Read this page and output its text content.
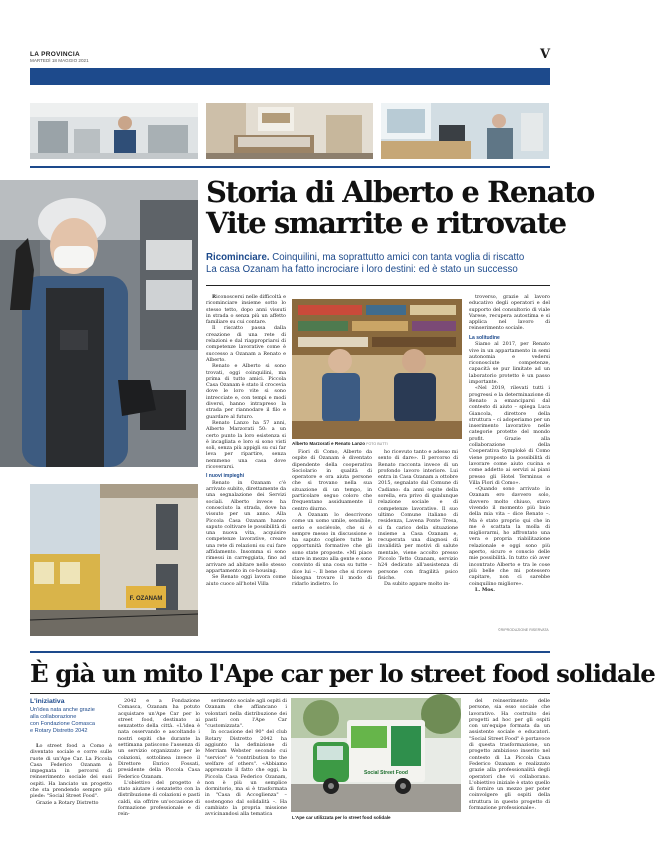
LA PROVINCIA
MARTEDÌ 18 MAGGIO 2021	V
Storia di Alberto e Renato
Vite smarrite e ritrovate
Ricominciare. Coinquilini, ma soprattutto amici con tanta voglia di riscatto
La casa Ozanam ha fatto incrociare i loro destini: ed è stato un successo

Riconoscersi nelle difficoltà e ricominciare insieme sotto lo stesso tetto, dopo anni vissuti in strada o senza più un affetto familiare su cui contare.

Il riscatto passa dalla creazione di una rete di relazioni e dal riappropriarsi di competenze lavorative come è successo a Ozanam a Renato e Alberto.

Renato e Alberto si sono trovati, oggi coinquilini, ma prima di tutto amici. Piccola Casa Ozanam è stato il crocevia dove le loro vite si sono intrecciate e, con tempi e modi diversi, hanno intrapreso la strada per riannodare il filo e guardare al futuro.

Renato Lanzo ha 57 anni, Alberto Marzorati 50: a un certo punto la loro esistenza si è incagliata e loro si sono visti soli, senza più appigli su cui far leva per ripartire, senza nemmeno una casa dove ricoverarsi.

I nuovi impieghi

Renato in Ozanam c'è arrivato subito, direttamente da una segnalazione dei Servizi sociali. Alberto invece ha conosciuto la strada, dove ha vissuto per un anno. Alla Piccola Casa Ozanam hanno saputo coltivare le possibilità di una nuova vita, acquisire competenze lavorative, creare una rete di relazioni su cui fare affidamento. Insomma si sono rimessi in carreggiata, fino ad arrivare ad abitare nello stesso appartamento in co-housing.

Se Renato oggi lavora come aiuto cuoco all'hotel Villa

Alberto Marzorati e Renato Lanzo FOTO BUTTI

Fiori di Como, Alberto da ospite di Ozanam è diventato dipendente della cooperativa Sociolario in qualità di operatore e ora aiuta persone che si trovano nella sua situazione di un tempo, in particolare seguo coloro che frequentano assiduamente il centro diurno.

A Ozanam lo descrivono come un uomo umile, sensibile, serio e sociévole, che si è sempre messo in discussione e ha saputo cogliere tutte le opportunità formative che gli sono state proposte. «Mi piace stare in mezzo alla gente e sono convinto di una cosa su tutte – dice lui –. Il bene che si riceve bisogna trovare il modo di ridarlo indietro. Io

ho ricevuto tanto e adesso mi sento di dare». Il percorso di Renato racconta invece di un profondo lavoro interiore. Lui entra in Casa Ozanam a ottobre 2015, segnalato dal Comune di Cadiano: da anni ospite della sorella, era privo di qualunque relazione sociale e di competenze lavorative. Il suo ultimo Comune italiano di residenza, Lavena Ponte Tresa, si fa carico della situazione insieme a Casa Ozanam e, recuperata una diagnosi di invalidità per motivi di salute mentale, viene accolto presso Piccolo Tetto Ozanam, servizio h24 dedicato all'assistenza di persone con fragilità psico fisiche.

Da subito appare molto in-

troverso, grazie al lavoro educativo degli operatori e del supporto del consultorio di viale Varese, recupera autostima e si applica nel lavoro di reinserimento sociale.

La solitudine

Siamo al 2017, per Renato vive in un appartamento in semi autonomia e vedersi riconosciute competenze, capacità se pur limitate ad un laboratorio protetto è un passo importante.

«Nel 2019, rilevati tutti i progressi e la determinazione di Renato a emanciparsi dal contesto di aiuto – spiega Luca Giancola, direttore della struttura – ci adoperiamo per un inserimento lavorativo nelle categorie protette del mondo profit. Grazie alla collaborazione della Cooperativa Symploké di Como viene proposto la possibilità di lavorare come aiuto cucina e come addetto ai servizi ai piani presso gli Hotel Terminus e Villa Flori di Como».

«Quando sono arrivato in Ozanam ero davvero solo, davvero molto chiuso, stavo vivendo il momento più buio della mia vita – dice Renato –. Ma è stato proprio qui che in me è scattata la molla di migliorarmi, ho affrontato una vera e propria riabilitazione relazionale e oggi sono più aperto, sicuro e conscio delle mie possibilità. In tutto ciò aver incontrato Alberto e tra le cose più belle che mi potessero capitare, non ci sarebbe coinquilino migliore».

L. Mos.

©RIPRODUZIONE RISERVATA
F. OZANAM
È già un mito l'Ape car per lo street food solidale
L'iniziativa
Un'idea nata anche grazie
alla collaborazione
con Fondazione Comasca
e Rotary Distretto 2042

Lo street food a Como è diventato sociale e corre sulle ruote di un'Ape Car. La Piccola Casa Federico Ozanam è impegnata in percorsi di reinserimento sociale dei suoi ospiti. Ha lanciato un progetto che sta prendendo sempre più piede: "Social Street Food".

Grazie a Rotary Distretto

2042 e a Fondazione Comasca, Ozanam ha potuto acquistare un'Ape Car per lo street food, destinato ai senzatetto della città. «L'idea è nata osservando e ascoltando i nostri ospiti che durante la settimana patiscono l'assenza di un servizio organizzato per le colazioni, sottolinea invece il Direttore Enrico Fossati, presidente della Piccola Casa Federico Ozanam.

L'obiettivo del progetto è stato aiutare i senzatetto con la distribuzione di colazioni e pasti caldi, sia offrire un'occasione di formazione professionale e di rein-

serimento sociale agli ospiti di Ozanam che affiancano i volontari nella distribuzione dei pasti con l'Ape Car "customizzata".

In occasione del 90° del club Rotary Distretto 2042 ha aggiunto la definizione di Merriam Webster secondo cui "service" è "contribution to the welfare of others". «Abbiamo apprezzato il fatto che oggi, la Piccola Casa Federico Ozanam, non è più un semplice dormitorio, ma si è trasformata in "Casa di Accoglienza" – sostengono dal solidalità –. Ha cambiato la propria missione avvicinandosi alla tematica

Social Street Food
L'Ape car utilizzata per lo street food solidale

del reinserimento delle persone, sia esso sociale che lavorativo. Ha costruito dei progetti ad hoc per gli ospiti con un'equipe formata da un assistente sociale e educatori. "Social Street Food" è portavoce di questa trasformazione, un progetto ambizioso inserito nel contesto di La Piccola Casa Federico Ozanam e realizzato grazie alla professionalità degli operatori che vi collaborano. L'obiettivo iniziale è stato quello di fornire un mezzo per poter coinvolgere gli ospiti della struttura in questo progetto di formazione professionale».
